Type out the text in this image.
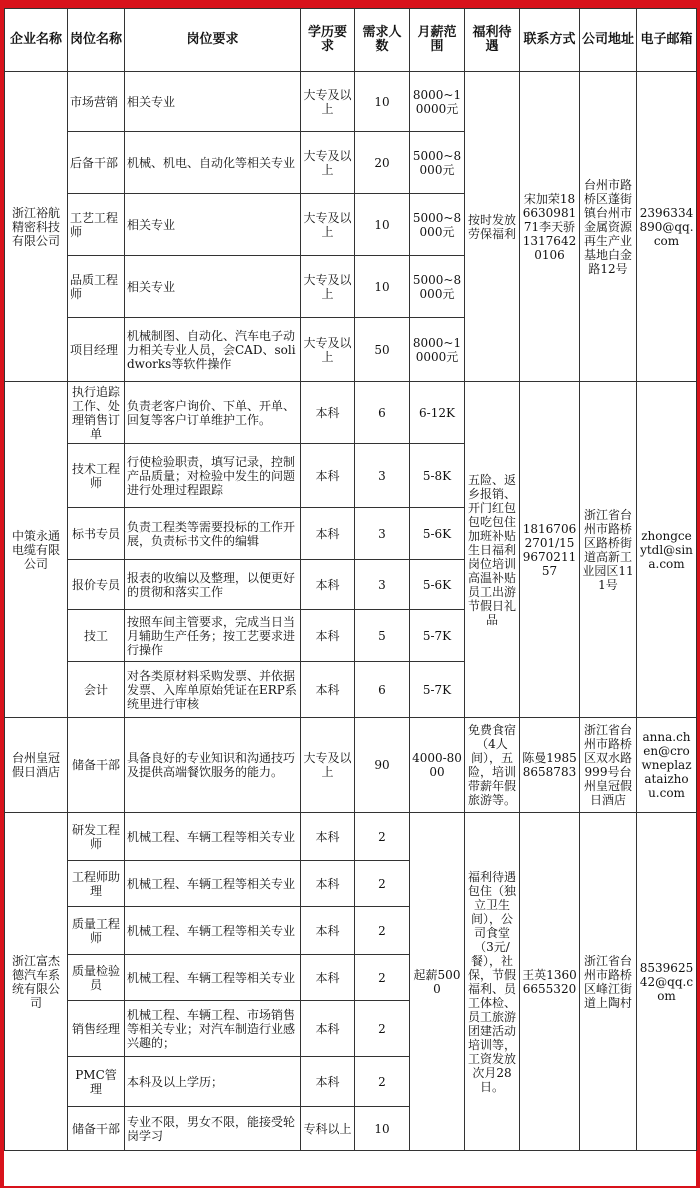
企业名称	岗位名称	岗位要求	学历要求	需求人数	月薪范围	福利待遇	联系方式	公司地址	电子邮箱
浙江裕航精密科技有限公司	市场营销	相关专业	大专及以上	10	8000~10000元	按时发放劳保福利	宋加荣18663098171李天骄13176420106	台州市路桥区蓬街镇台州市金属资源再生产业基地白金路12号	2396334890@qq.com
	后备干部	机械、机电、自动化等相关专业	大专及以上	20	5000~8000元				
	工艺工程师	相关专业	大专及以上	10	5000~8000元				
	品质工程师	相关专业	大专及以上	10	5000~8000元				
	项目经理	机械制图、自动化、汽车电子动力相关专业人员，会CAD、solidworks等软件操作	大专及以上	50	8000~10000元				
中策永通电缆有限公司	执行追踪工作、处理销售订单	负责老客户询价、下单、开单、回复等客户订单维护工作。	本科	6	6-12K	五险、返乡报销、开门红包包吃包住加班补贴生日福利岗位培训高温补贴员工出游节假日礼品	18167062701/15967021157	浙江省台州市路桥区路桥街道高新工业园区111号	zhongceytdl@sina.com
	技术工程师	行使检验职责，填写记录，控制产品质量；对检验中发生的问题进行处理过程跟踪	本科	3	5-8K				
	标书专员	负责工程类等需要投标的工作开展，负责标书文件的编辑	本科	3	5-6K				
	报价专员	报表的收编以及整理，以便更好的贯彻和落实工作	本科	3	5-6K				
	技工	按照车间主管要求，完成当日当月辅助生产任务；按工艺要求进行操作	本科	5	5-7K				
	会计	对各类原材料采购发票、并依据发票、入库单原始凭证在ERP系统里进行审核	本科	6	5-7K				
台州皇冠假日酒店	储备干部	具备良好的专业知识和沟通技巧及提供高端餐饮服务的能力。	大专及以上	90	4000-8000	免费食宿（4人间），五险，培训带薪年假旅游等。	陈曼19858658783	浙江省台州市路桥区双水路999号台州皇冠假日酒店	anna.chen@crowneplazataizhou.com
浙江富杰德汽车系统有限公司	研发工程师	机械工程、车辆工程等相关专业	本科	2	起薪5000	福利待遇包住（独立卫生间），公司食堂（3元/餐），社保，节假福利、员工体检、员工旅游团建活动培训等，工资发放次月28日。	王英13606655320	浙江省台州市路桥区峰江街道上陶村	853962542@qq.com
	工程师助理	机械工程、车辆工程等相关专业	本科	2					
	质量工程师	机械工程、车辆工程等相关专业	本科	2					
	质量检验员	机械工程、车辆工程等相关专业	本科	2					
	销售经理	机械工程、车辆工程、市场销售等相关专业；对汽车制造行业感兴趣的；	本科	2					
	PMC管理	本科及以上学历；	本科	2					
	储备干部	专业不限，男女不限，能接受轮岗学习	专科以上	10					
